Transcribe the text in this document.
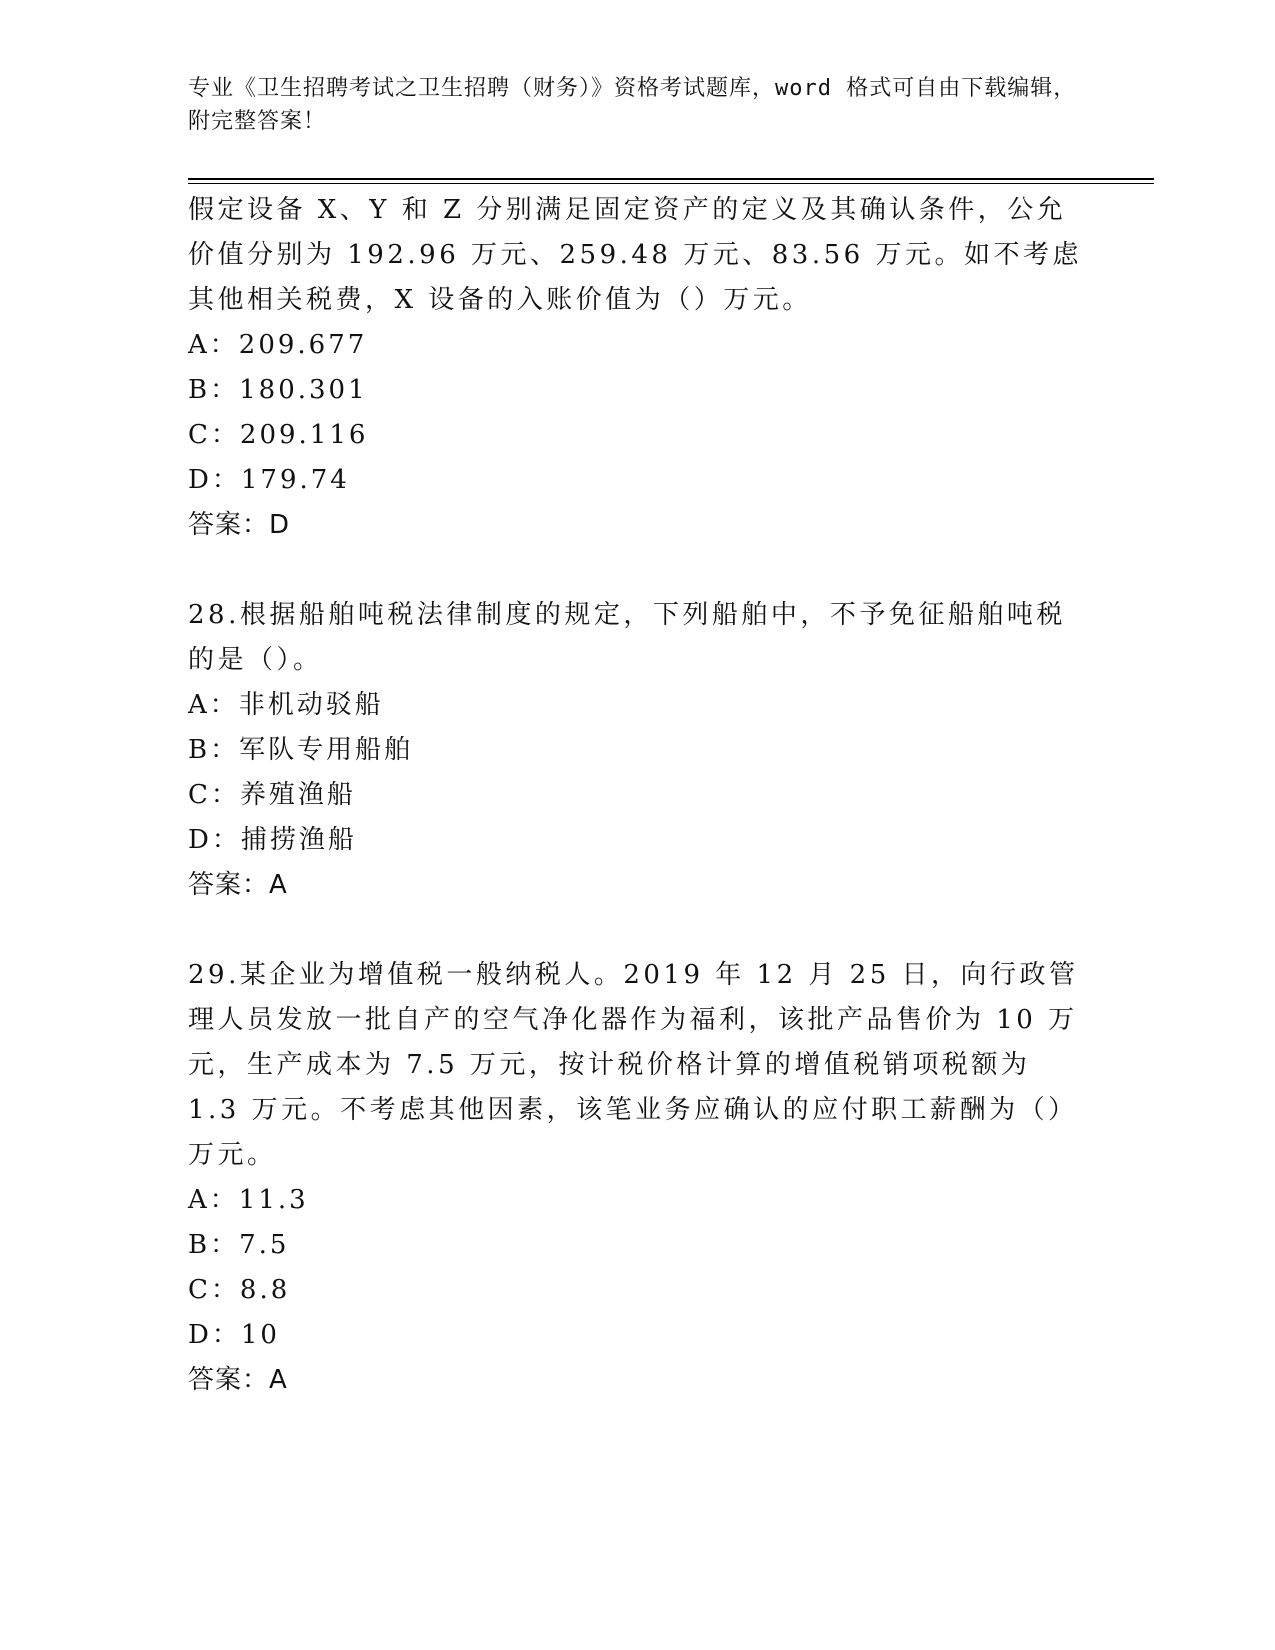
专业《卫生招聘考试之卫生招聘（财务）》资格考试题库，word 格式可自由下载编辑，附完整答案！

假定设备 X、Y 和 Z 分别满足固定资产的定义及其确认条件，公允价值分别为 192.96 万元、259.48 万元、83.56 万元。如不考虑其他相关税费，X 设备的入账价值为（）万元。

A：209.677

B：180.301

C：209.116

D：179.74

答案：D

28.根据船舶吨税法律制度的规定，下列船舶中，不予免征船舶吨税的是（）。

A：非机动驳船

B：军队专用船舶

C：养殖渔船

D：捕捞渔船

答案：A

29.某企业为增值税一般纳税人。2019 年 12 月 25 日，向行政管理人员发放一批自产的空气净化器作为福利，该批产品售价为 10 万元，生产成本为 7.5 万元，按计税价格计算的增值税销项税额为 1.3 万元。不考虑其他因素，该笔业务应确认的应付职工薪酬为（）万元。

A：11.3

B：7.5

C：8.8

D：10

答案：A
